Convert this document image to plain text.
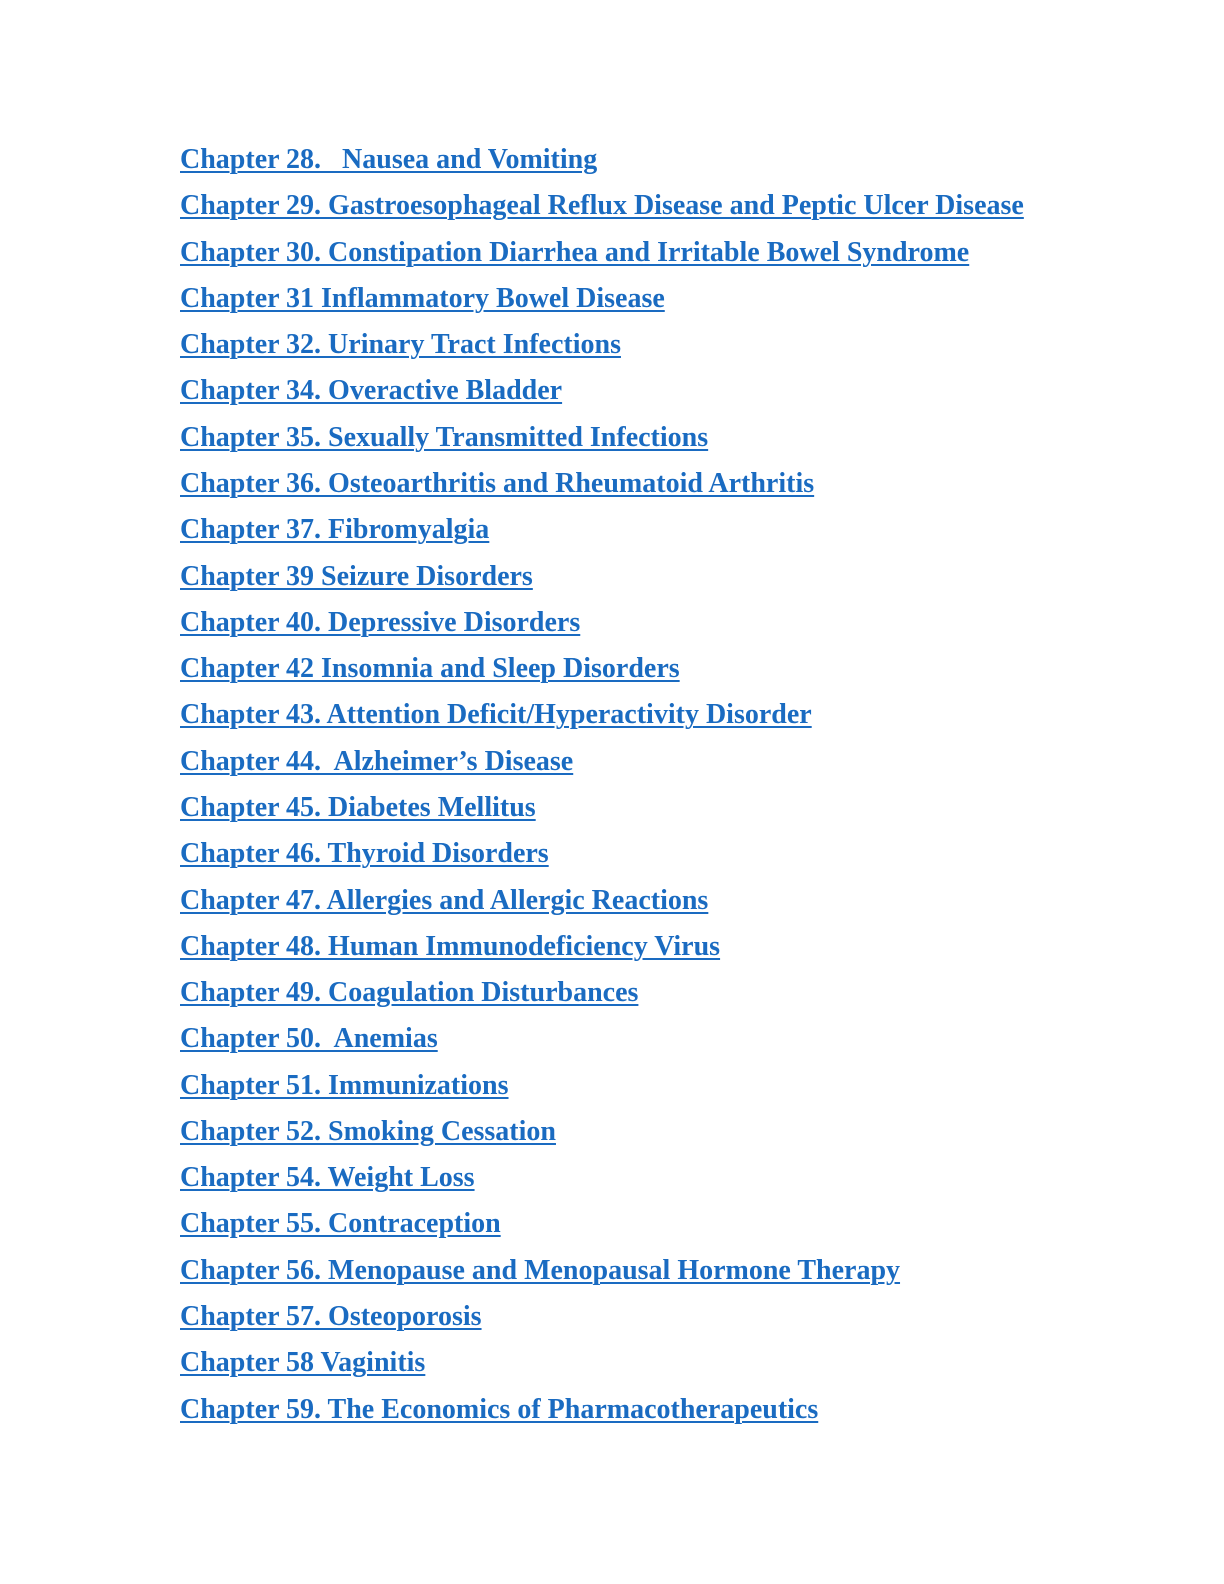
Chapter 28.   Nausea and Vomiting
Chapter 29. Gastroesophageal Reflux Disease and Peptic Ulcer Disease
Chapter 30. Constipation Diarrhea and Irritable Bowel Syndrome
Chapter 31 Inflammatory Bowel Disease
Chapter 32. Urinary Tract Infections
Chapter 34. Overactive Bladder
Chapter 35. Sexually Transmitted Infections
Chapter 36. Osteoarthritis and Rheumatoid Arthritis
Chapter 37. Fibromyalgia
Chapter 39 Seizure Disorders
Chapter 40. Depressive Disorders
Chapter 42 Insomnia and Sleep Disorders
Chapter 43. Attention Deficit/Hyperactivity Disorder
Chapter 44.  Alzheimer’s Disease
Chapter 45. Diabetes Mellitus
Chapter 46. Thyroid Disorders
Chapter 47. Allergies and Allergic Reactions
Chapter 48. Human Immunodeficiency Virus
Chapter 49. Coagulation Disturbances
Chapter 50.  Anemias
Chapter 51. Immunizations
Chapter 52. Smoking Cessation
Chapter 54. Weight Loss
Chapter 55. Contraception
Chapter 56. Menopause and Menopausal Hormone Therapy
Chapter 57. Osteoporosis
Chapter 58 Vaginitis
Chapter 59. The Economics of Pharmacotherapeutics
